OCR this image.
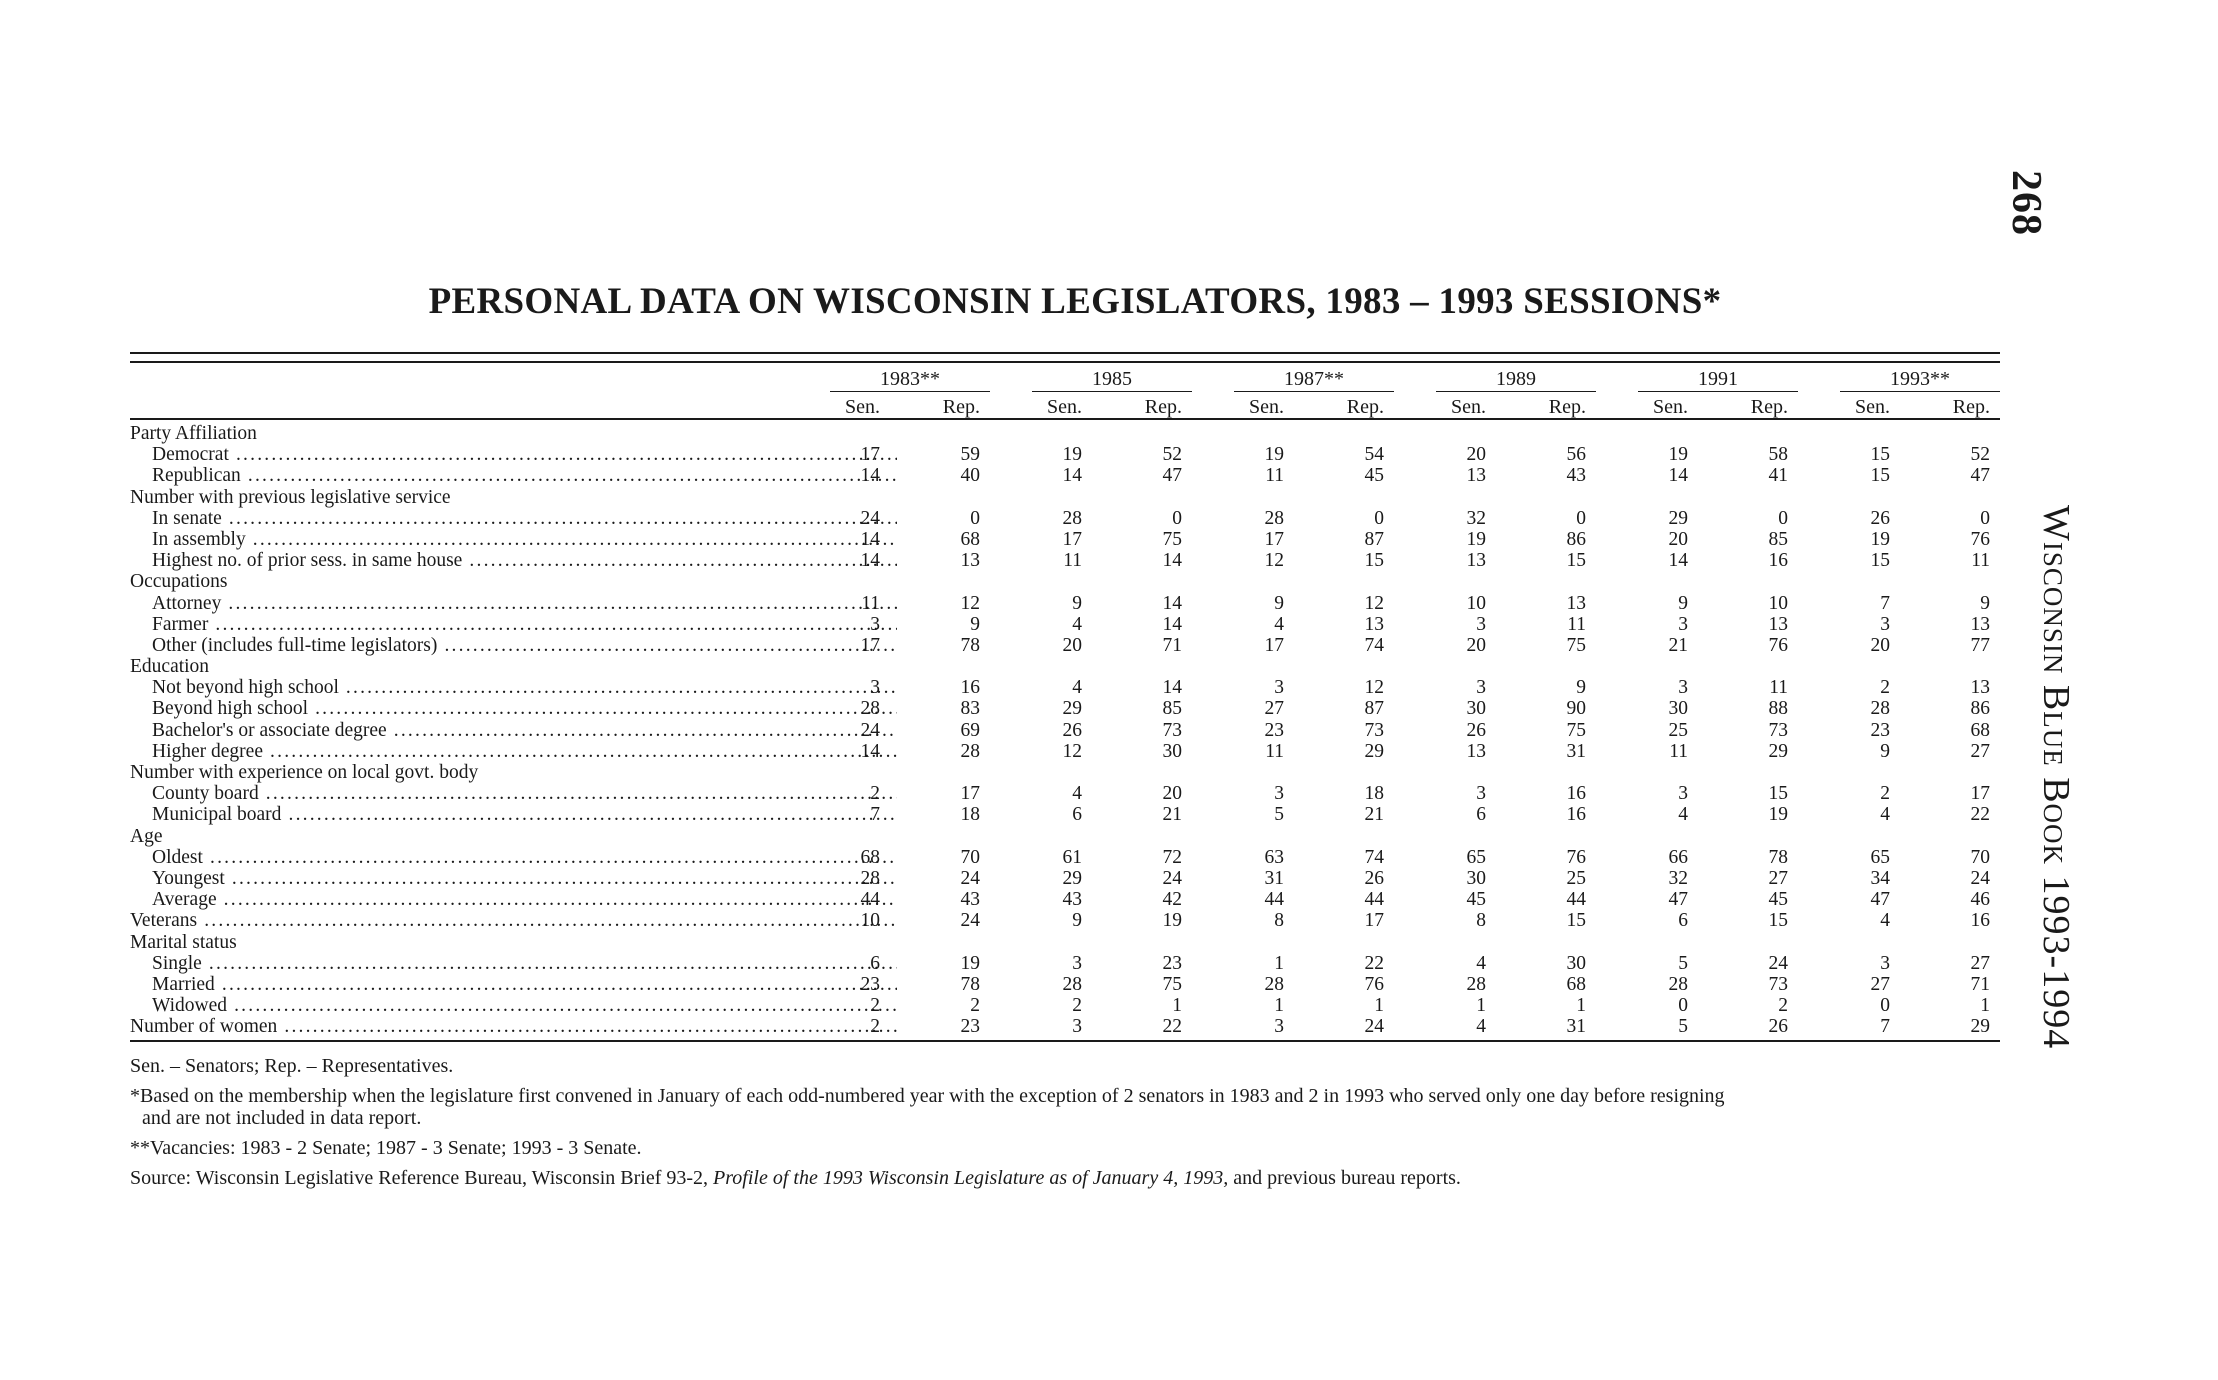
268
Wisconsin Blue Book 1993-1994
PERSONAL DATA ON WISCONSIN LEGISLATORS, 1983 – 1993 SESSIONS*
1983**
Sen.	Rep.
1985
Sen.	Rep.
1987**
Sen.	Rep.
1989
Sen.	Rep.
1991
Sen.	Rep.
1993**
Sen.	Rep.
Party Affiliation
Democrat .....	17	59	19	52	19	54	20	56	19	58	15	52
Republican .....	14	40	14	47	11	45	13	43	14	41	15	47
Number with previous legislative service
In senate .....	24	0	28	0	28	0	32	0	29	0	26	0
In assembly .....	14	68	17	75	17	87	19	86	20	85	19	76
Highest no. of prior sess. in same house .....	14	13	11	14	12	15	13	15	14	16	15	11
Occupations
Attorney .....	11	12	9	14	9	12	10	13	9	10	7	9
Farmer .....	3	9	4	14	4	13	3	11	3	13	3	13
Other (includes full-time legislators) .....	17	78	20	71	17	74	20	75	21	76	20	77
Education
Not beyond high school .....	3	16	4	14	3	12	3	9	3	11	2	13
Beyond high school .....	28	83	29	85	27	87	30	90	30	88	28	86
Bachelor's or associate degree .....	24	69	26	73	23	73	26	75	25	73	23	68
Higher degree .....	14	28	12	30	11	29	13	31	11	29	9	27
Number with experience on local govt. body
County board .....	2	17	4	20	3	18	3	16	3	15	2	17
Municipal board .....	7	18	6	21	5	21	6	16	4	19	4	22
Age
Oldest .....	68	70	61	72	63	74	65	76	66	78	65	70
Youngest .....	28	24	29	24	31	26	30	25	32	27	34	24
Average .....	44	43	43	42	44	44	45	44	47	45	47	46
Veterans .....	10	24	9	19	8	17	8	15	6	15	4	16
Marital status
Single .....	6	19	3	23	1	22	4	30	5	24	3	27
Married .....	23	78	28	75	28	76	28	68	28	73	27	71
Widowed .....	2	2	2	1	1	1	1	1	0	2	0	1
Number of women .....	2	23	3	22	3	24	4	31	5	26	7	29

Sen. – Senators; Rep. – Representatives.

*Based on the membership when the legislature first convened in January of each odd-numbered year with the exception of 2 senators in 1983 and 2 in 1993 who served only one day before resigning
and are not included in data report.

**Vacancies: 1983 - 2 Senate; 1987 - 3 Senate; 1993 - 3 Senate.

Source: Wisconsin Legislative Reference Bureau, Wisconsin Brief 93-2, Profile of the 1993 Wisconsin Legislature as of January 4, 1993, and previous bureau reports.
